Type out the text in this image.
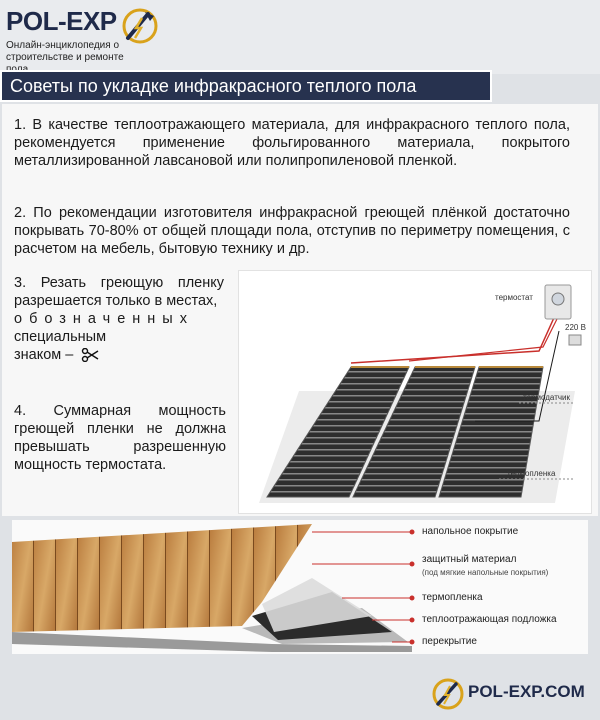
POL-EXP
Онлайн-энциклопедия о
строительстве и ремонте
Советы по укладке инфракрасного теплого пола
1. В качестве теплоотражающего материала, для инфракрасного теплого пола, рекомендуется применение фольгированного материала, покрытого металлизированной лавсановой или полипропиленовой пленкой.
2. По рекомендации изготовителя инфракрасной греющей плёнкой достаточно покрывать 70-80% от общей площади пола, отступив по периметру помещения, с расчетом на мебель, бытовую технику и др.
3. Резать греющую пленку разрешается только в местах,
обозначенных
специальным
знаком –
4. Суммарная мощность греющей пленки не должна превышать разрешенную мощность термостата.
термостат
220 В
термодатчик
термопленка
напольное покрытие
защитный материал
(под мягкие напольные покрытия)
термопленка
теплоотражающая подложка
перекрытие
POL-EXP.COM
